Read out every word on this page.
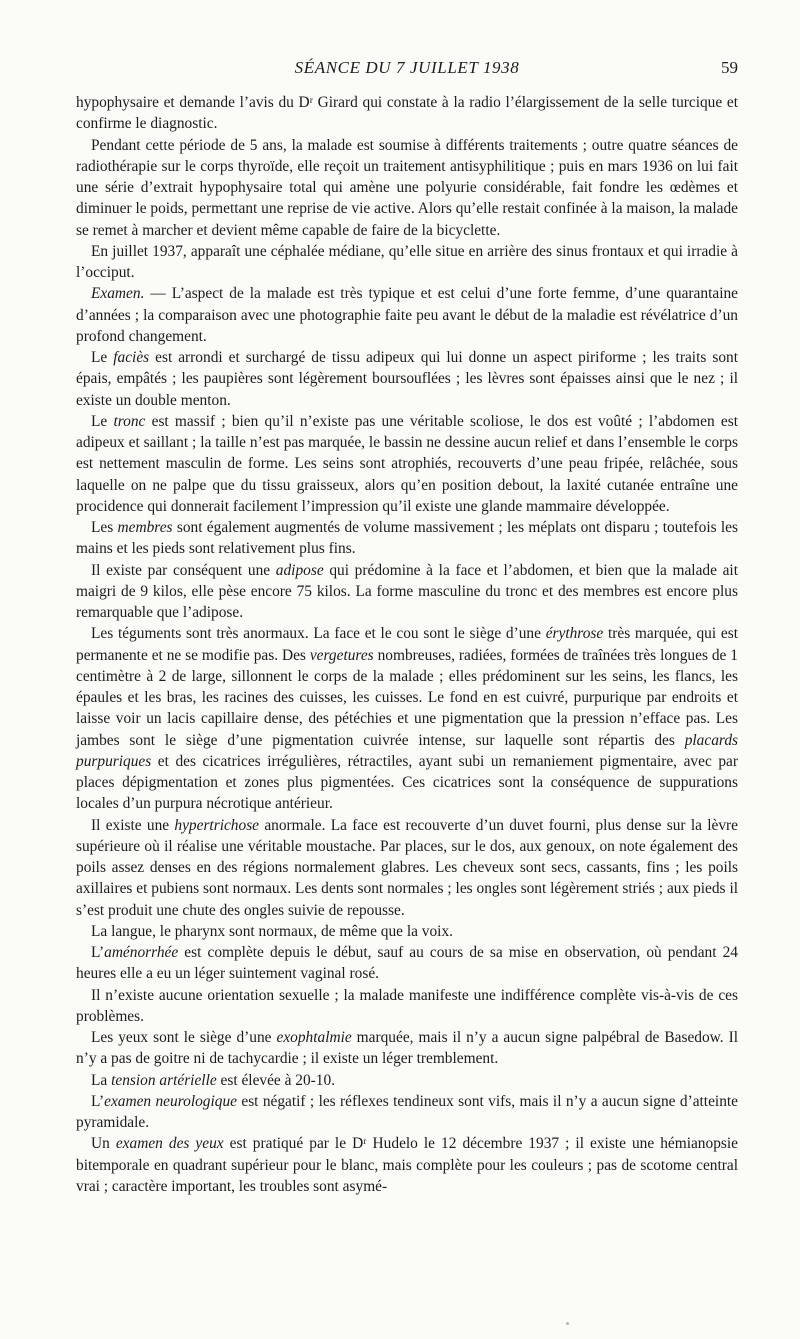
SÉANCE DU 7 JUILLET 1938	59

hypophysaire et demande l’avis du Dʳ Girard qui constate à la radio l’élargissement de la selle turcique et confirme le diagnostic.

Pendant cette période de 5 ans, la malade est soumise à différents traitements ; outre quatre séances de radiothérapie sur le corps thyroïde, elle reçoit un traitement antisyphilitique ; puis en mars 1936 on lui fait une série d’extrait hypophysaire total qui amène une polyurie considérable, fait fondre les œdèmes et diminuer le poids, permettant une reprise de vie active. Alors qu’elle restait confinée à la maison, la malade se remet à marcher et devient même capable de faire de la bicyclette.

En juillet 1937, apparaît une céphalée médiane, qu’elle situe en arrière des sinus frontaux et qui irradie à l’occiput.

Examen. — L’aspect de la malade est très typique et est celui d’une forte femme, d’une quarantaine d’années ; la comparaison avec une photographie faite peu avant le début de la maladie est révélatrice d’un profond changement.

Le faciès est arrondi et surchargé de tissu adipeux qui lui donne un aspect piriforme ; les traits sont épais, empâtés ; les paupières sont légèrement boursouflées ; les lèvres sont épaisses ainsi que le nez ; il existe un double menton.

Le tronc est massif ; bien qu’il n’existe pas une véritable scoliose, le dos est voûté ; l’abdomen est adipeux et saillant ; la taille n’est pas marquée, le bassin ne dessine aucun relief et dans l’ensemble le corps est nettement masculin de forme. Les seins sont atrophiés, recouverts d’une peau fripée, relâchée, sous laquelle on ne palpe que du tissu graisseux, alors qu’en position debout, la laxité cutanée entraîne une procidence qui donnerait facilement l’impression qu’il existe une glande mammaire développée.

Les membres sont également augmentés de volume massivement ; les méplats ont disparu ; toutefois les mains et les pieds sont relativement plus fins.

Il existe par conséquent une adipose qui prédomine à la face et l’abdomen, et bien que la malade ait maigri de 9 kilos, elle pèse encore 75 kilos. La forme masculine du tronc et des membres est encore plus remarquable que l’adipose.

Les téguments sont très anormaux. La face et le cou sont le siège d’une érythrose très marquée, qui est permanente et ne se modifie pas. Des vergetures nombreuses, radiées, formées de traînées très longues de 1 centimètre à 2 de large, sillonnent le corps de la malade ; elles prédominent sur les seins, les flancs, les épaules et les bras, les racines des cuisses, les cuisses. Le fond en est cuivré, purpurique par endroits et laisse voir un lacis capillaire dense, des pétéchies et une pigmentation que la pression n’efface pas. Les jambes sont le siège d’une pigmentation cuivrée intense, sur laquelle sont répartis des placards purpuriques et des cicatrices irrégulières, rétractiles, ayant subi un remaniement pigmentaire, avec par places dépigmentation et zones plus pigmentées. Ces cicatrices sont la conséquence de suppurations locales d’un purpura nécrotique antérieur.

Il existe une hypertrichose anormale. La face est recouverte d’un duvet fourni, plus dense sur la lèvre supérieure où il réalise une véritable moustache. Par places, sur le dos, aux genoux, on note également des poils assez denses en des régions normalement glabres. Les cheveux sont secs, cassants, fins ; les poils axillaires et pubiens sont normaux. Les dents sont normales ; les ongles sont légèrement striés ; aux pieds il s’est produit une chute des ongles suivie de repousse.

La langue, le pharynx sont normaux, de même que la voix.

L’aménorrhée est complète depuis le début, sauf au cours de sa mise en observation, où pendant 24 heures elle a eu un léger suintement vaginal rosé.

Il n’existe aucune orientation sexuelle ; la malade manifeste une indifférence complète vis-à-vis de ces problèmes.

Les yeux sont le siège d’une exophtalmie marquée, mais il n’y a aucun signe palpébral de Basedow. Il n’y a pas de goitre ni de tachycardie ; il existe un léger tremblement.

La tension artérielle est élevée à 20-10.

L’examen neurologique est négatif ; les réflexes tendineux sont vifs, mais il n’y a aucun signe d’atteinte pyramidale.

Un examen des yeux est pratiqué par le Dʳ Hudelo le 12 décembre 1937 ; il existe une hémianopsie bitemporale en quadrant supérieur pour le blanc, mais complète pour les couleurs ; pas de scotome central vrai ; caractère important, les troubles sont asymé-
